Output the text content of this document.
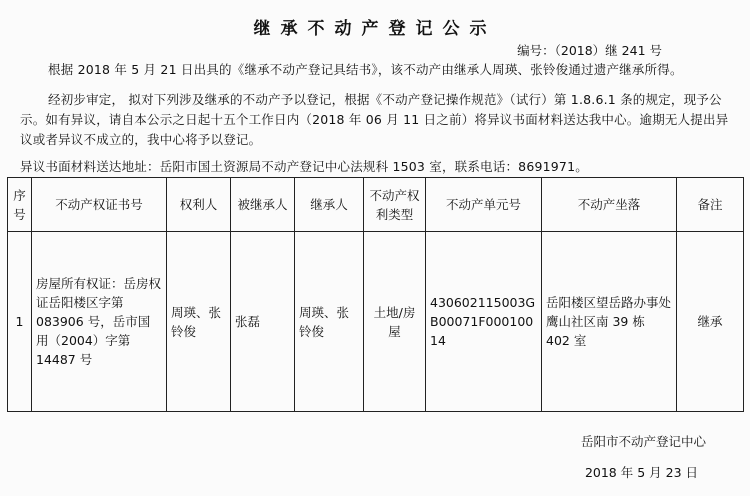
继承不动产登记公示
编号：（2018）继 241 号
根据 2018 年 5 月 21 日出具的《继承不动产登记具结书》，该不动产由继承人周瑛、张铃俊通过遗产继承所得。
经初步审定， 拟对下列涉及继承的不动产予以登记，根据《不动产登记操作规范》（试行）第 1.8.6.1 条的规定，现予公示。如有异议，请自本公示之日起十五个工作日内（2018 年 06 月 11 日之前）将异议书面材料送达我中心。逾期无人提出异议或者异议不成立的，我中心将予以登记。
异议书面材料送达地址：岳阳市国土资源局不动产登记中心法规科 1503 室，联系电话：8691971。
序号	不动产权证书号	权利人	被继承人	继承人	不动产权利类型	不动产单元号	不动产坐落	备注
1	房屋所有权证：岳房权证岳阳楼区字第 083906 号，岳市国用（2004）字第 14487 号	周瑛、张铃俊	张磊	周瑛、张铃俊	土地/房屋	430602115003GB00071F00010014	岳阳楼区望岳路办事处鹰山社区南 39 栋 402 室	继承
岳阳市不动产登记中心
2018 年 5 月 23 日
